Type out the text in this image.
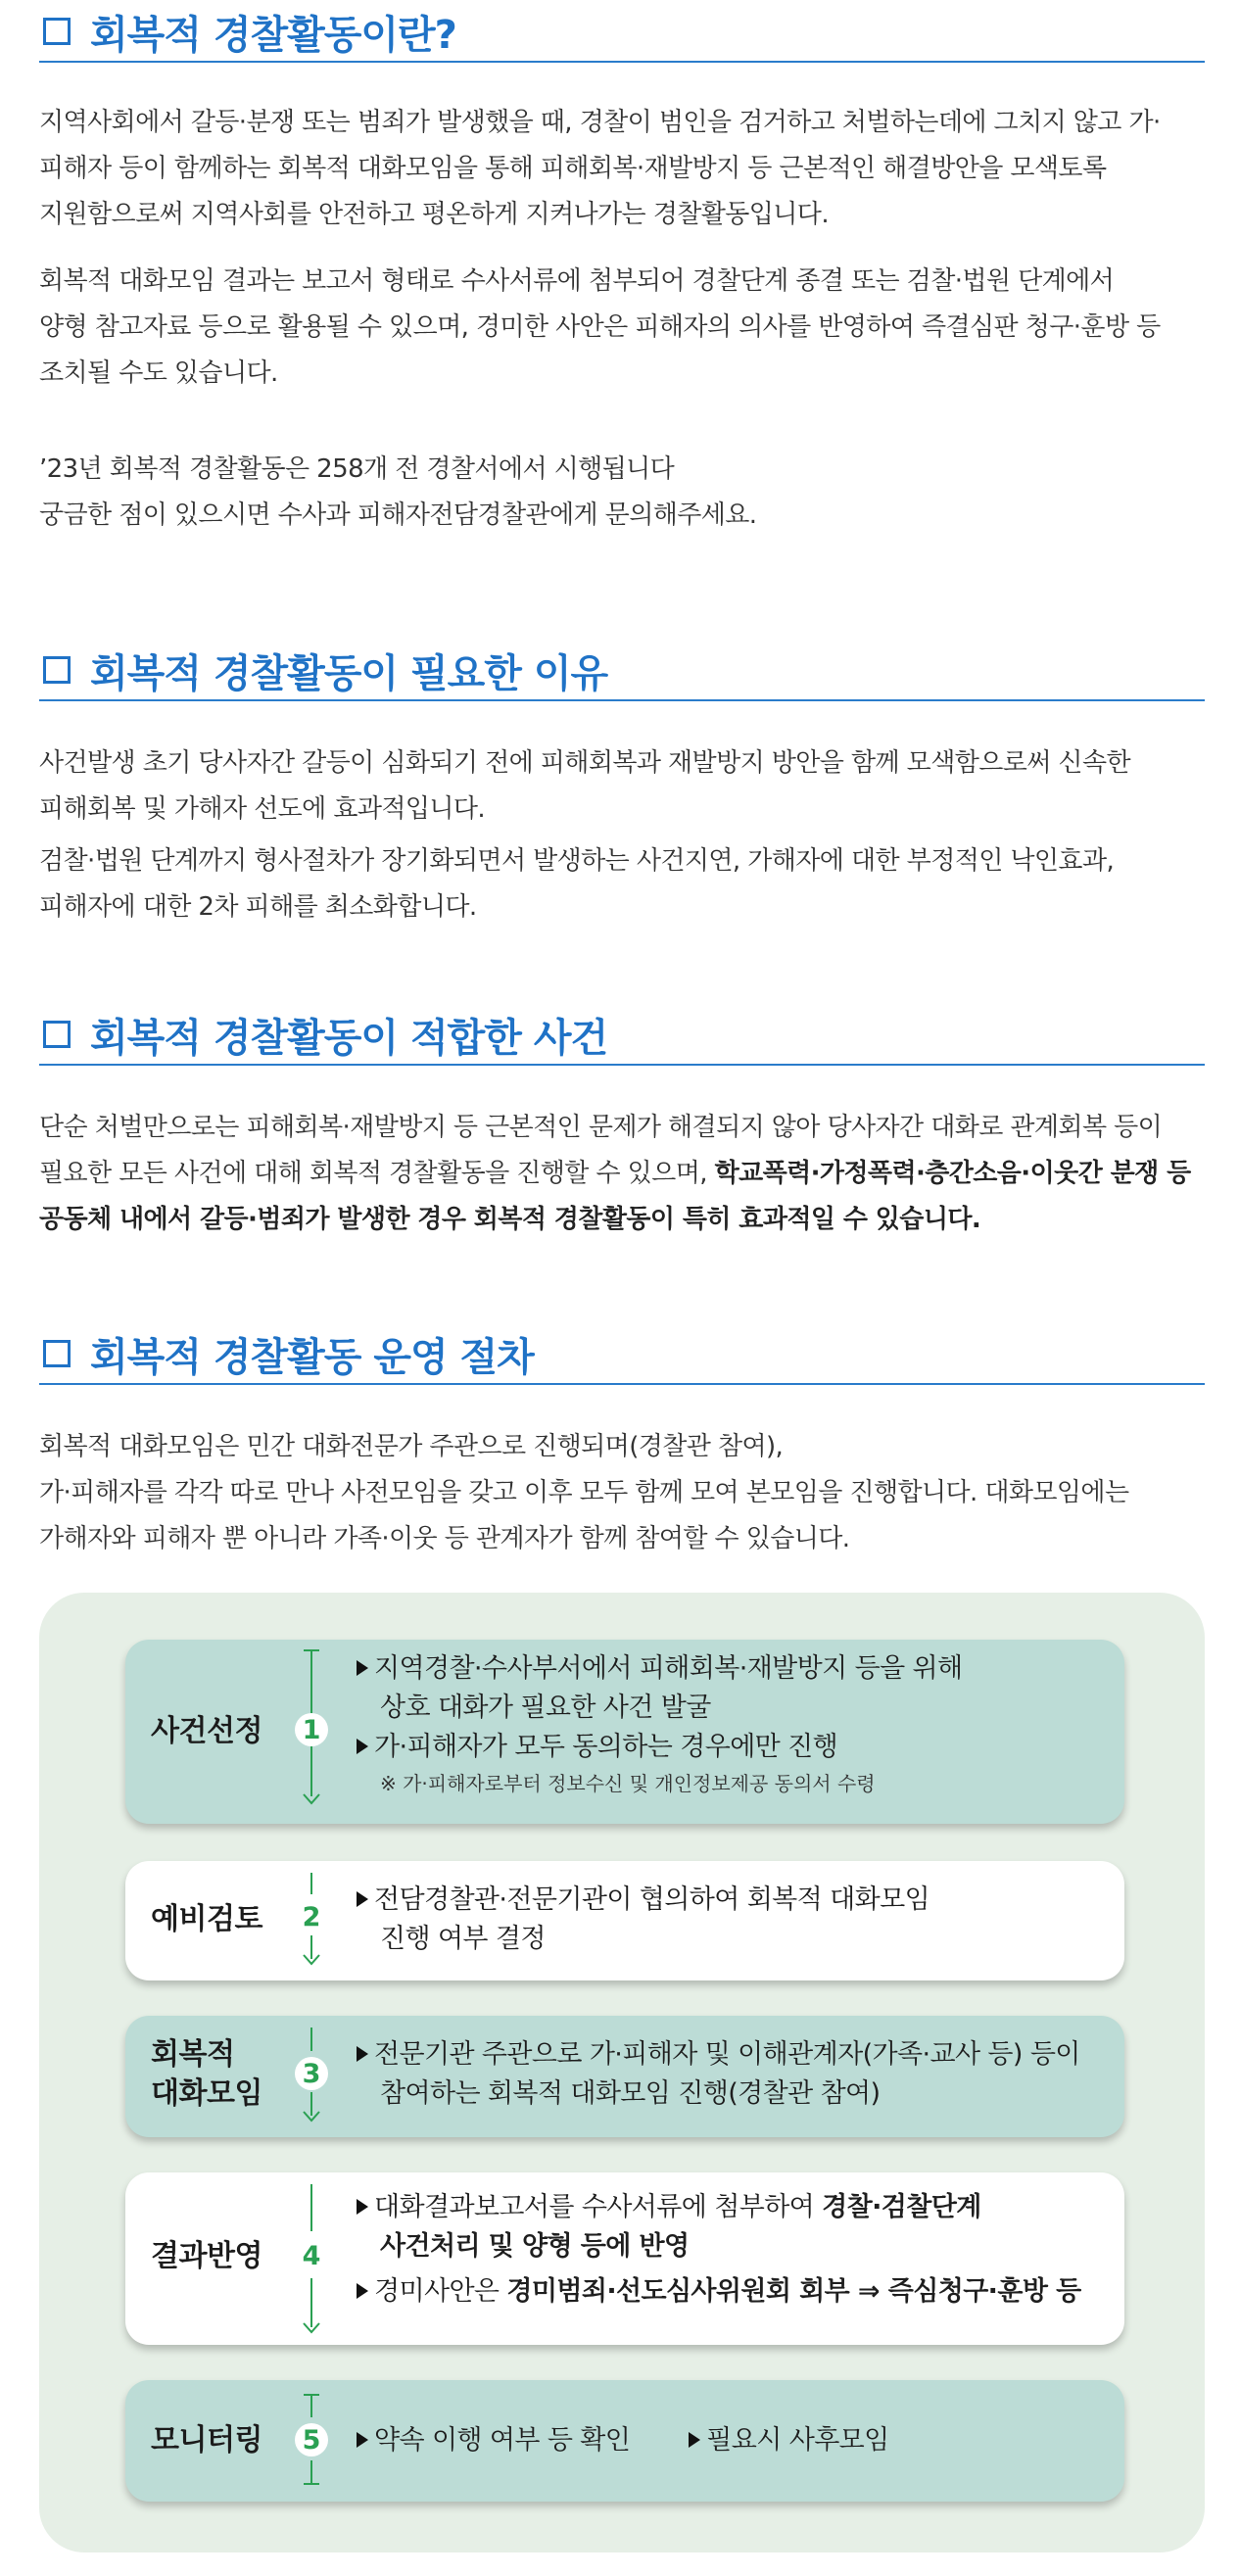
회복적 경찰활동이란?
지역사회에서 갈등·분쟁 또는 범죄가 발생했을 때, 경찰이 범인을 검거하고 처벌하는데에 그치지 않고 가·
피해자 등이 함께하는 회복적 대화모임을 통해 피해회복·재발방지 등 근본적인 해결방안을 모색토록
지원함으로써 지역사회를 안전하고 평온하게 지켜나가는 경찰활동입니다.
회복적 대화모임 결과는 보고서 형태로 수사서류에 첨부되어 경찰단계 종결 또는 검찰·법원 단계에서
양형 참고자료 등으로 활용될 수 있으며, 경미한 사안은 피해자의 의사를 반영하여 즉결심판 청구·훈방 등
조치될 수도 있습니다.
’23년 회복적 경찰활동은 258개 전 경찰서에서 시행됩니다
궁금한 점이 있으시면 수사과 피해자전담경찰관에게 문의해주세요.
회복적 경찰활동이 필요한 이유
사건발생 초기 당사자간 갈등이 심화되기 전에 피해회복과 재발방지 방안을 함께 모색함으로써 신속한
피해회복 및 가해자 선도에 효과적입니다.
검찰·법원 단계까지 형사절차가 장기화되면서 발생하는 사건지연, 가해자에 대한 부정적인 낙인효과,
피해자에 대한 2차 피해를 최소화합니다.
회복적 경찰활동이 적합한 사건
단순 처벌만으로는 피해회복·재발방지 등 근본적인 문제가 해결되지 않아 당사자간 대화로 관계회복 등이
필요한 모든 사건에 대해 회복적 경찰활동을 진행할 수 있으며, 학교폭력·가정폭력·층간소음·이웃간 분쟁 등
공동체 내에서 갈등·범죄가 발생한 경우 회복적 경찰활동이 특히 효과적일 수 있습니다.
회복적 경찰활동 운영 절차
회복적 대화모임은 민간 대화전문가 주관으로 진행되며(경찰관 참여),
가·피해자를 각각 따로 만나 사전모임을 갖고 이후 모두 함께 모여 본모임을 진행합니다. 대화모임에는
가해자와 피해자 뿐 아니라 가족·이웃 등 관계자가 함께 참여할 수 있습니다.
사건선정 1
지역경찰·수사부서에서 피해회복·재발방지 등을 위해
상호 대화가 필요한 사건 발굴
가·피해자가 모두 동의하는 경우에만 진행
※ 가·피해자로부터 정보수신 및 개인정보제공 동의서 수령
예비검토 2
전담경찰관·전문기관이 협의하여 회복적 대화모임
진행 여부 결정
회복적
대화모임
3
전문기관 주관으로 가·피해자 및 이해관계자(가족·교사 등) 등이
참여하는 회복적 대화모임 진행(경찰관 참여)
결과반영 4
대화결과보고서를 수사서류에 첨부하여 경찰·검찰단계
사건처리 및 양형 등에 반영
경미사안은 경미범죄·선도심사위원회 회부 ⇒ 즉심청구·훈방 등
모니터링 5	약속 이행 여부 등 확인	필요시 사후모임
